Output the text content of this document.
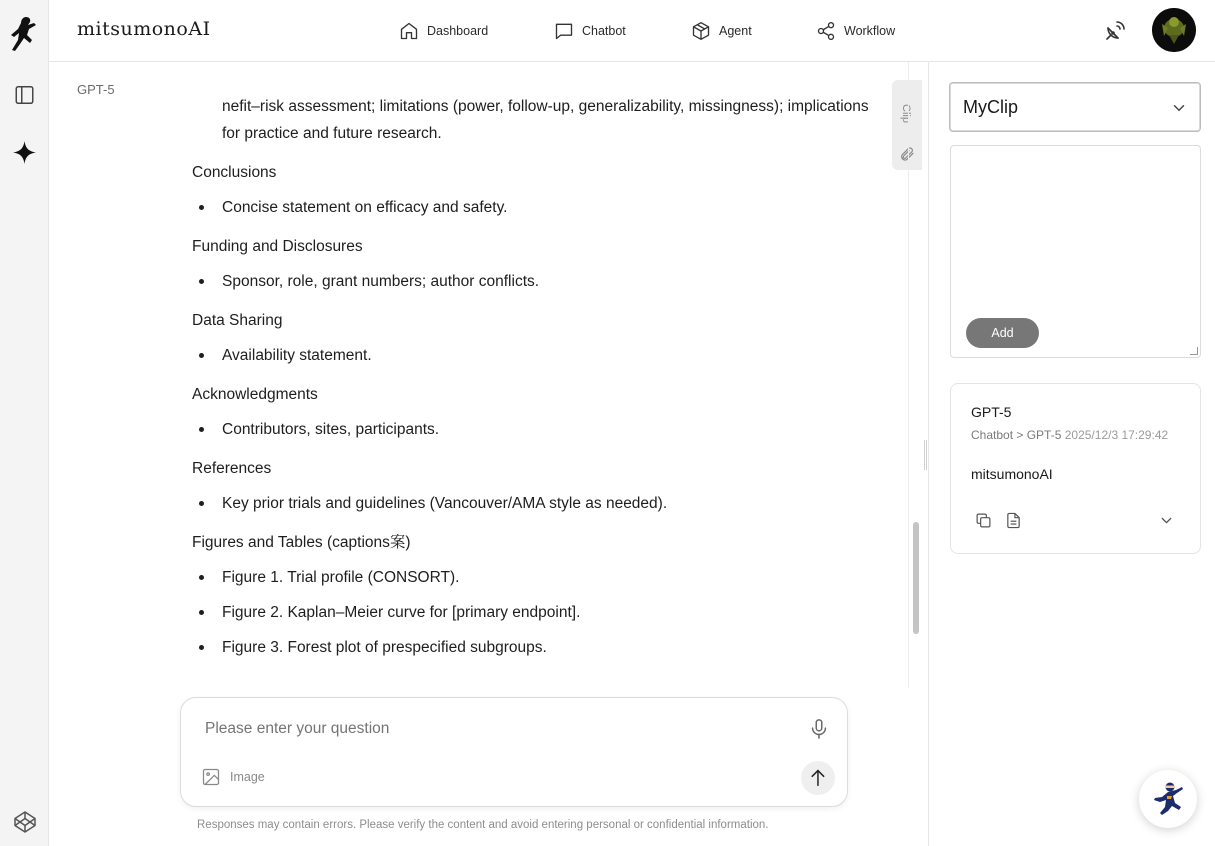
mitsumonoAI	Dashboard	Chatbot	Agent	Workflow
GPT-5
nefit–risk assessment; limitations (power, follow-up, generalizability, missingness); implications for practice and future research.
Conclusions
Concise statement on efficacy and safety.
Funding and Disclosures
Sponsor, role, grant numbers; author conflicts.
Data Sharing
Availability statement.
Acknowledgments
Contributors, sites, participants.
References
Key prior trials and guidelines (Vancouver/AMA style as needed).
Figures and Tables (captions案)
Figure 1. Trial profile (CONSORT).
Figure 2. Kaplan–Meier curve for [primary endpoint].
Figure 3. Forest plot of prespecified subgroups.
Clip
Please enter your question
Image
Responses may contain errors. Please verify the content and avoid entering personal or confidential information.
MyClip
Add
GPT-5
Chatbot > GPT-5 2025/12/3 17:29:42
mitsumonoAI
